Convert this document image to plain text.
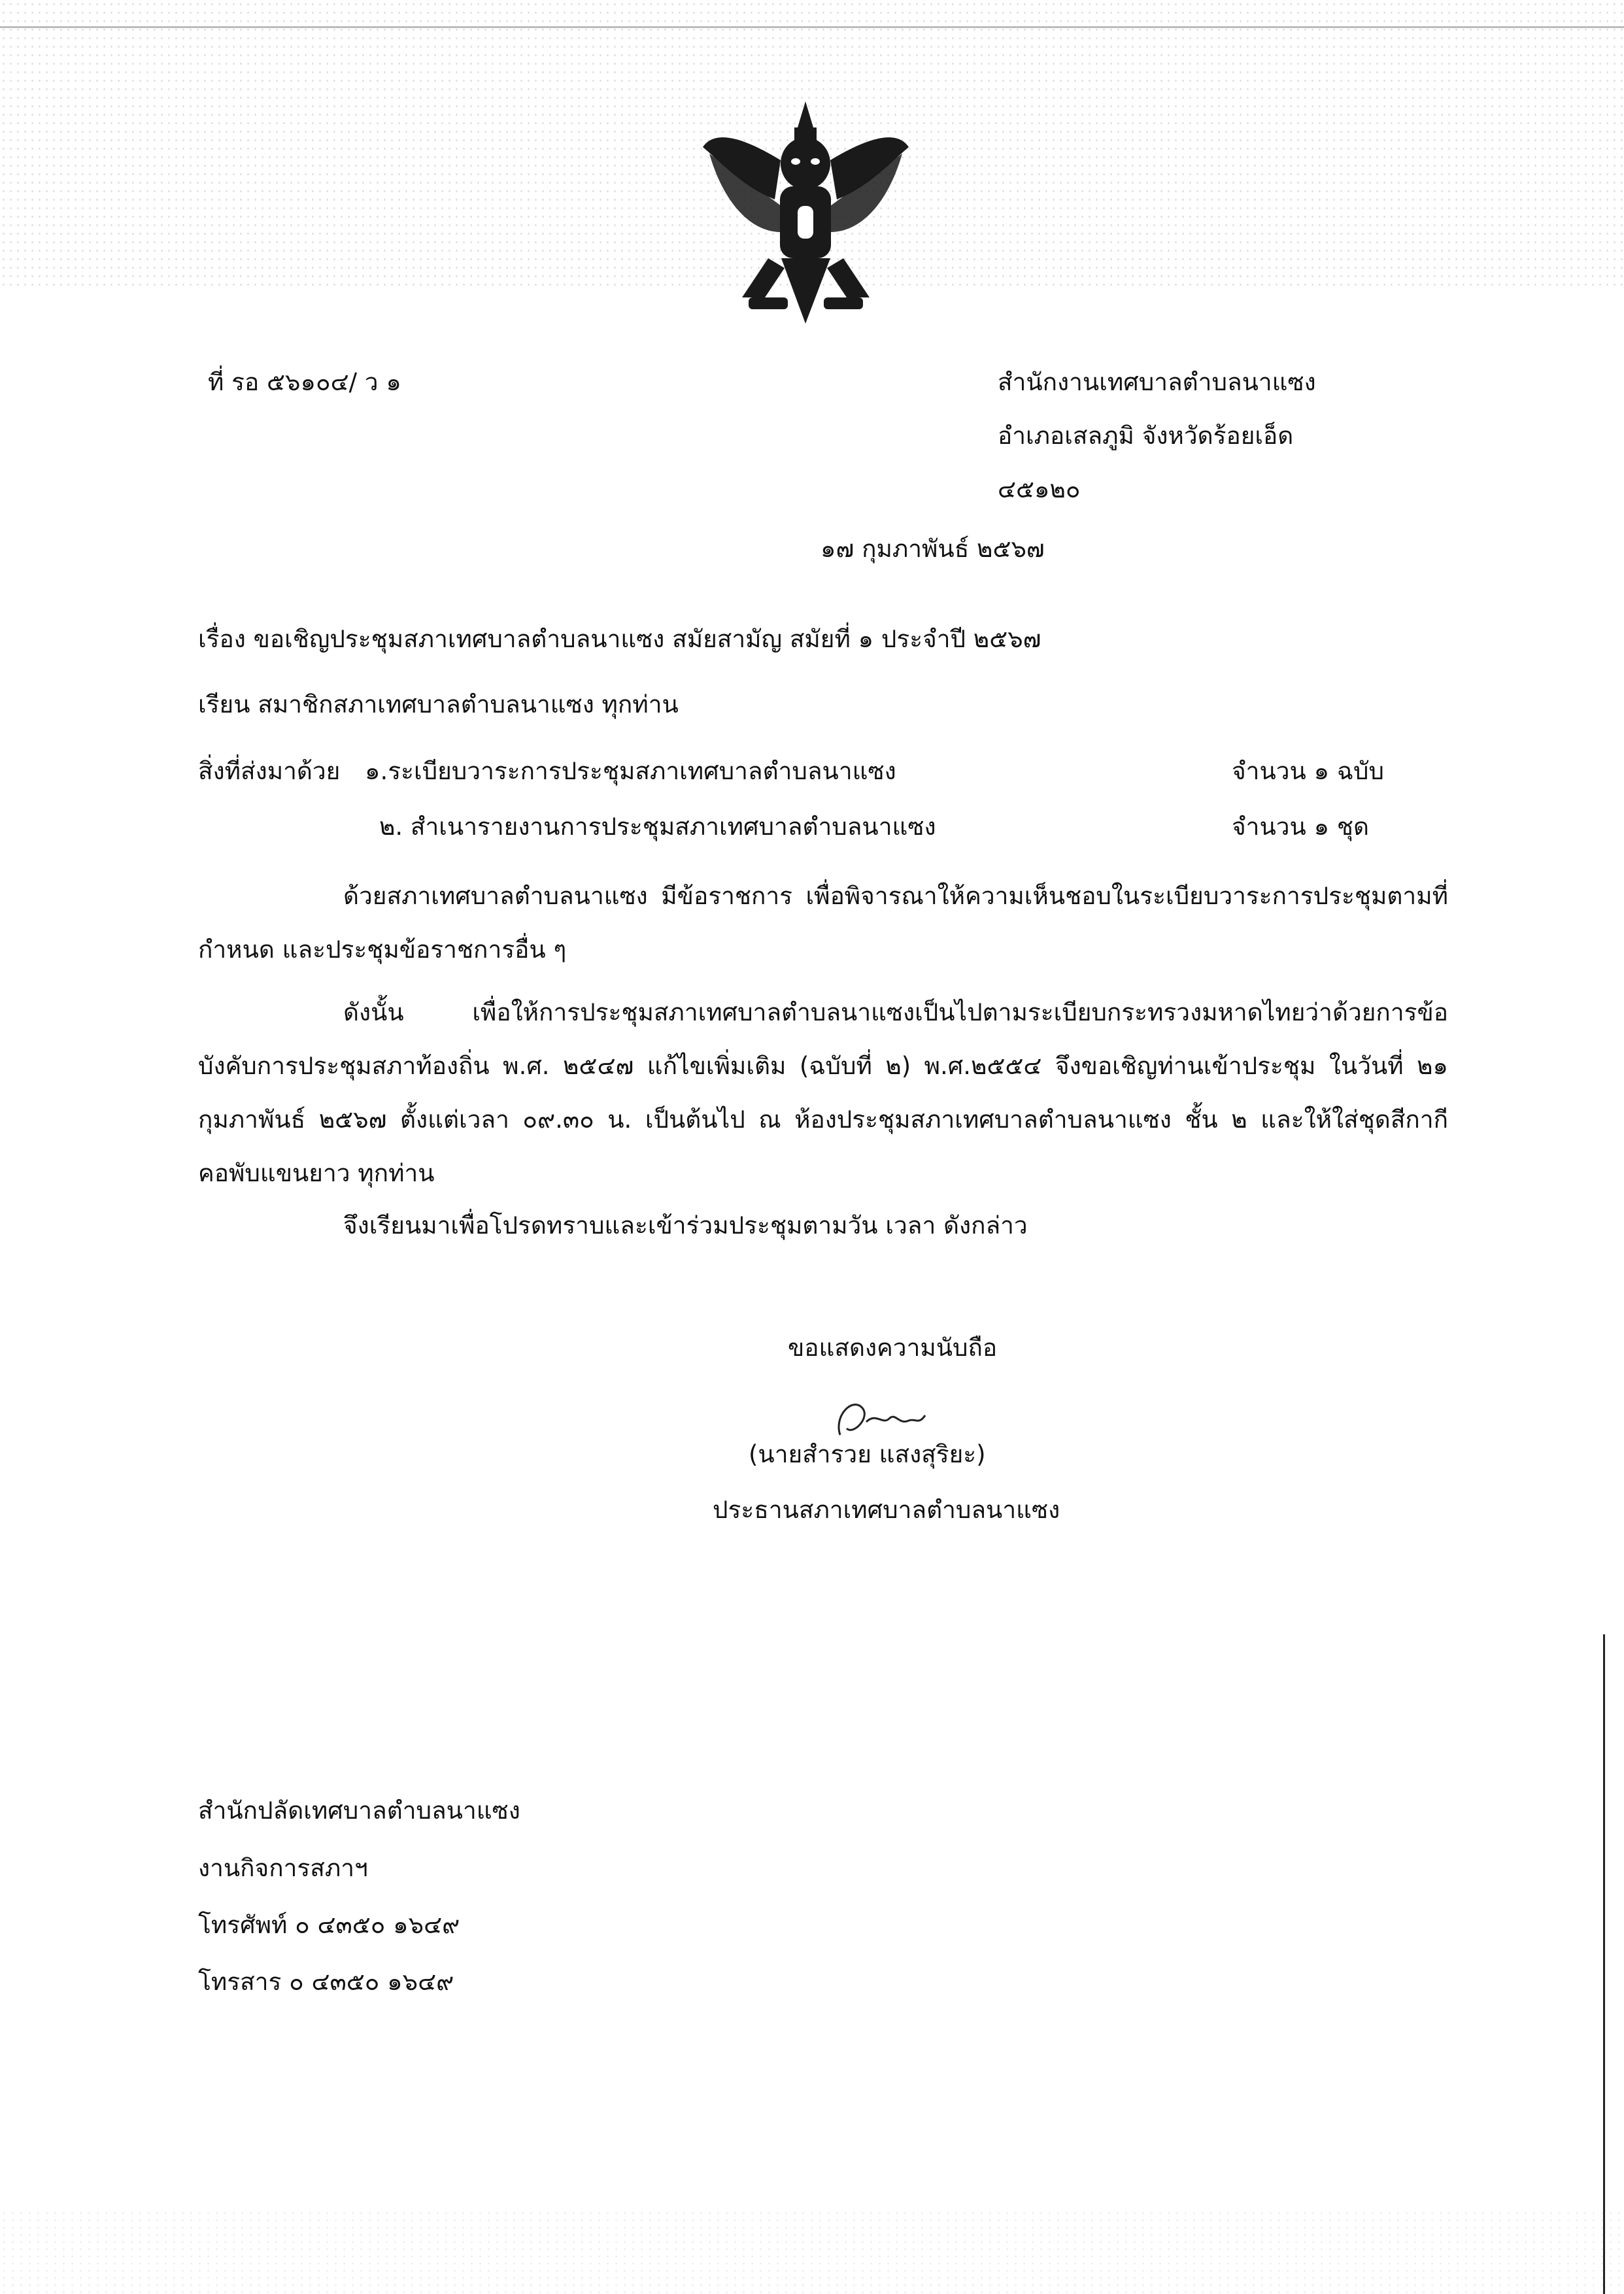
ที่ รอ ๕๖๑๐๔/ ว ๑	สำนักงานเทศบาลตำบลนาแซง
อำเภอเสลภูมิ จังหวัดร้อยเอ็ด
๔๕๑๒๐
๑๗ กุมภาพันธ์ ๒๕๖๗
เรื่อง ขอเชิญประชุมสภาเทศบาลตำบลนาแซง สมัยสามัญ สมัยที่ ๑ ประจำปี ๒๕๖๗
เรียน สมาชิกสภาเทศบาลตำบลนาแซง ทุกท่าน
สิ่งที่ส่งมาด้วย ๑.ระเบียบวาระการประชุมสภาเทศบาลตำบลนาแซง	จำนวน ๑ ฉบับ
๒. สำเนารายงานการประชุมสภาเทศบาลตำบลนาแซง	จำนวน ๑ ชุด
ด้วยสภาเทศบาลตำบลนาแซง มีข้อราชการ เพื่อพิจารณาให้ความเห็นชอบในระเบียบวาระการประชุมตามที่กำหนด และประชุมข้อราชการอื่น ๆ
ดังนั้น เพื่อให้การประชุมสภาเทศบาลตำบลนาแซงเป็นไปตามระเบียบกระทรวงมหาดไทยว่าด้วยการข้อบังคับการประชุมสภาท้องถิ่น พ.ศ. ๒๕๔๗ แก้ไขเพิ่มเติม (ฉบับที่ ๒) พ.ศ.๒๕๕๔ จึงขอเชิญท่านเข้าประชุม ในวันที่ ๒๑ กุมภาพันธ์ ๒๕๖๗ ตั้งแต่เวลา ๐๙.๓๐ น. เป็นต้นไป ณ ห้องประชุมสภาเทศบาลตำบลนาแซง ชั้น ๒ และให้ใส่ชุดสีกากีคอพับแขนยาว ทุกท่าน
จึงเรียนมาเพื่อโปรดทราบและเข้าร่วมประชุมตามวัน เวลา ดังกล่าว
ขอแสดงความนับถือ
(นายสำรวย แสงสุริยะ)
ประธานสภาเทศบาลตำบลนาแซง
สำนักปลัดเทศบาลตำบลนาแซง
งานกิจการสภาฯ
โทรศัพท์ ๐ ๔๓๕๐ ๑๖๔๙
โทรสาร ๐ ๔๓๕๐ ๑๖๔๙
